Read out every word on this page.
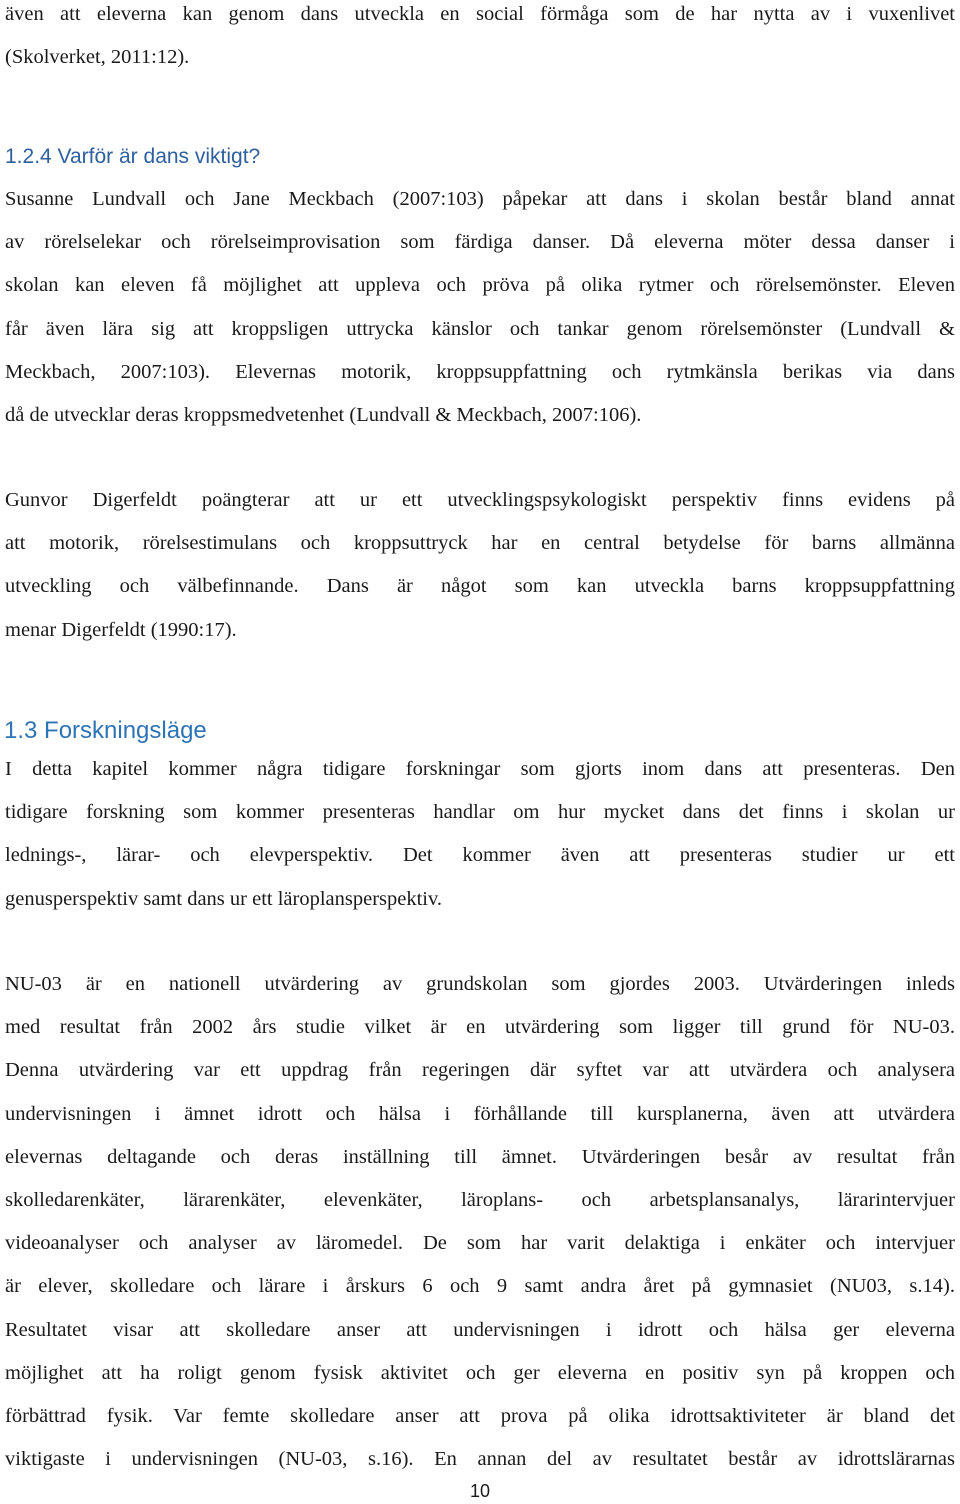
även att eleverna kan genom dans utveckla en social förmåga som de har nytta av i vuxenlivet
(Skolverket, 2011:12).
1.2.4 Varför är dans viktigt?
Susanne Lundvall och Jane Meckbach (2007:103) påpekar att dans i skolan består bland annat
av rörelselekar och rörelseimprovisation som färdiga danser. Då eleverna möter dessa danser i
skolan kan eleven få möjlighet att uppleva och pröva på olika rytmer och rörelsemönster. Eleven
får även lära sig att kroppsligen uttrycka känslor och tankar genom rörelsemönster (Lundvall &
Meckbach, 2007:103). Elevernas motorik, kroppsuppfattning och rytmkänsla berikas via dans
då de utvecklar deras kroppsmedvetenhet (Lundvall & Meckbach, 2007:106).
Gunvor Digerfeldt poängterar att ur ett utvecklingspsykologiskt perspektiv finns evidens på
att motorik, rörelsestimulans och kroppsuttryck har en central betydelse för barns allmänna
utveckling och välbefinnande. Dans är något som kan utveckla barns kroppsuppfattning
menar Digerfeldt (1990:17).
1.3 Forskningsläge
I detta kapitel kommer några tidigare forskningar som gjorts inom dans att presenteras. Den
tidigare forskning som kommer presenteras handlar om hur mycket dans det finns i skolan ur
lednings-, lärar- och elevperspektiv. Det kommer även att presenteras studier ur ett
genusperspektiv samt dans ur ett läroplansperspektiv.
NU-03 är en nationell utvärdering av grundskolan som gjordes 2003. Utvärderingen inleds
med resultat från 2002 års studie vilket är en utvärdering som ligger till grund för NU-03.
Denna utvärdering var ett uppdrag från regeringen där syftet var att utvärdera och analysera
undervisningen i ämnet idrott och hälsa i förhållande till kursplanerna, även att utvärdera
elevernas deltagande och deras inställning till ämnet. Utvärderingen besår av resultat från
skolledarenkäter, lärarenkäter, elevenkäter, läroplans- och arbetsplansanalys, lärarintervjuer
videoanalyser och analyser av läromedel. De som har varit delaktiga i enkäter och intervjuer
är elever, skolledare och lärare i årskurs 6 och 9 samt andra året på gymnasiet (NU03, s.14).
Resultatet visar att skolledare anser att undervisningen i idrott och hälsa ger eleverna
möjlighet att ha roligt genom fysisk aktivitet och ger eleverna en positiv syn på kroppen och
förbättrad fysik. Var femte skolledare anser att prova på olika idrottsaktiviteter är bland det
viktigaste i undervisningen (NU-03, s.16). En annan del av resultatet består av idrottslärarnas
10
